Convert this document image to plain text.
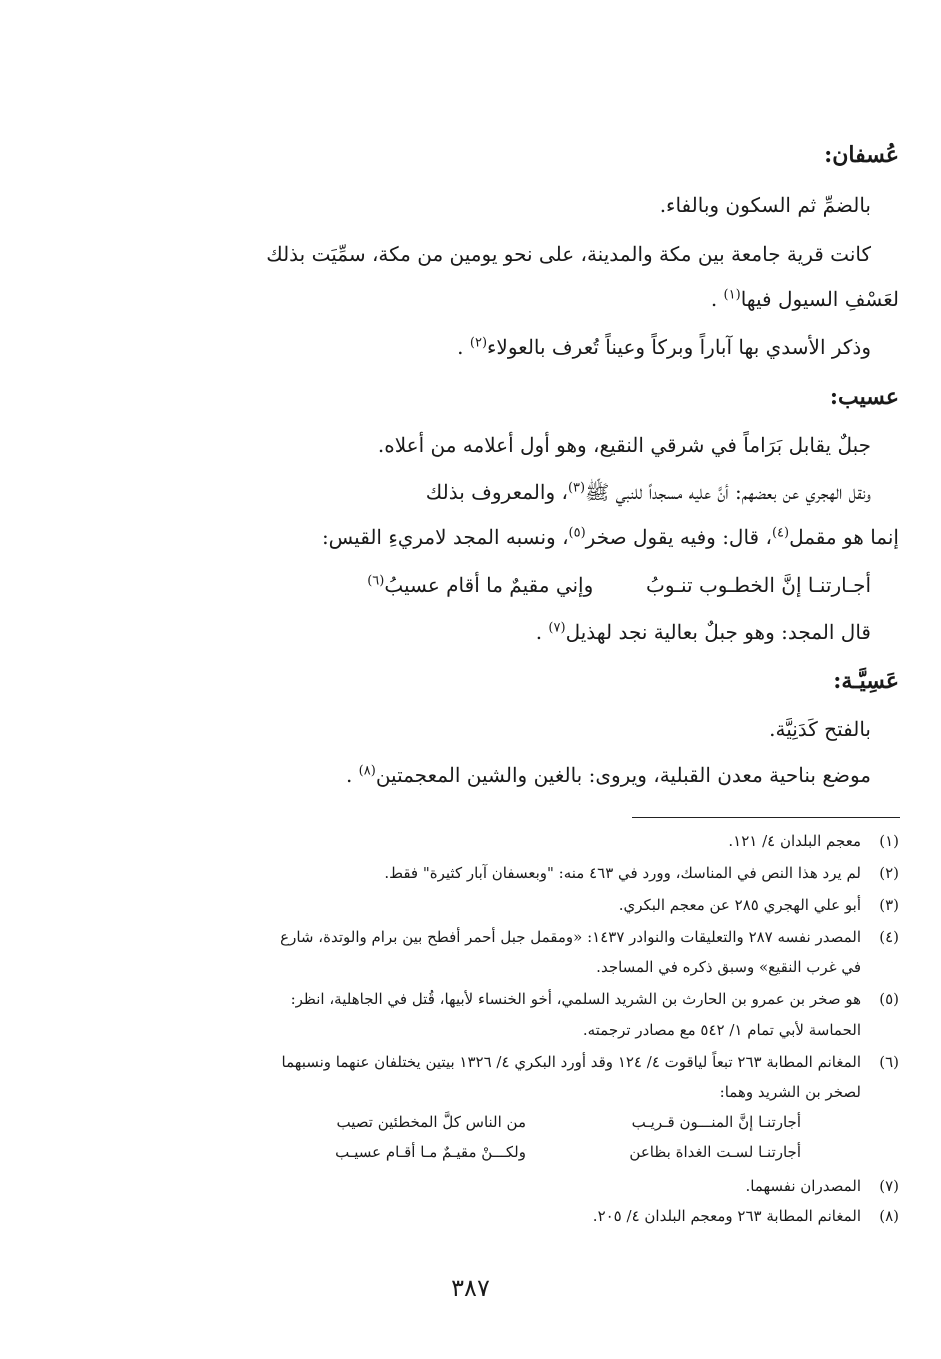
عُسفان:
بالضمِّ ثم السكون وبالفاء.
كانت قرية جامعة بين مكة والمدينة، على نحو يومين من مكة، سمِّيَت بذلك
لعَسْفِ السيول فيها$^{(١)}$ .
وذكر الأسدي بها آباراً وبركاً وعيناً تُعرف بالعولاء$^{(٢)}$ .
عسيب:
جبلٌ يقابل بَرَاماً في شرقي النقيع، وهو أول أعلامه من أعلاه.
ونقل الهجري عن بعضهم: أنَّ عليه مسجداً للنبي ﷺ$^{(٣)}$، والمعروف بذلك
إنما هو مقمل$^{(٤)}$، قال: وفيه يقول صخر$^{(٥)}$، ونسبه المجد لامريءِ القيس:
أجـارتنـا إنَّ الخطـوب تنـوبُ  وإني مقيمٌ ما أقام عسيبُ$^{(٦)}$
قال المجد: وهو جبلٌ بعالية نجد لهذيل$^{(٧)}$ .
عَسِيَّـة:
بالفتح كَدَنِيَّة.
موضع بناحية معدن القبلية، ويروى: بالغين والشين المعجمتين$^{(٨)}$ .
(١)معجم البلدان ٤/ ١٢١.
(٢)لم يرد هذا النص في المناسك، وورد في ٤٦٣ منه: "وبعسفان آبار كثيرة" فقط.
(٣)أبو علي الهجري ٢٨٥ عن معجم البكري.
(٤)المصدر نفسه ٢٨٧ والتعليقات والنوادر ١٤٣٧: «ومقمل جبل أحمر أفطح بين برام والوتدة، شارع
في غرب النقيع» وسبق ذكره في المساجد.
(٥)هو صخر بن عمرو بن الحارث بن الشريد السلمي، أخو الخنساء لأبيها، قُتل في الجاهلية، انظر:
الحماسة لأبي تمام ١/ ٥٤٢ مع مصادر ترجمته.
(٦)المغانم المطابة ٢٦٣ تبعاً لياقوت ٤/ ١٢٤ وقد أورد البكري ٤/ ١٣٢٦ بيتين يختلفان عنهما ونسبهما
لصخر بن الشريد وهما:
أجارتنـا إنَّ المنـــون قـريـب
من الناس كلَّ المخطئين تصيب
أجارتنـا لسـت الغداة بظاعن
ولكـــنْ مقيـمٌ مـا أقـام عسيـب
(٧)المصدران نفسهما.
(٨)المغانم المطابة ٢٦٣ ومعجم البلدان ٤/ ٢٠٥.
٣٨٧
